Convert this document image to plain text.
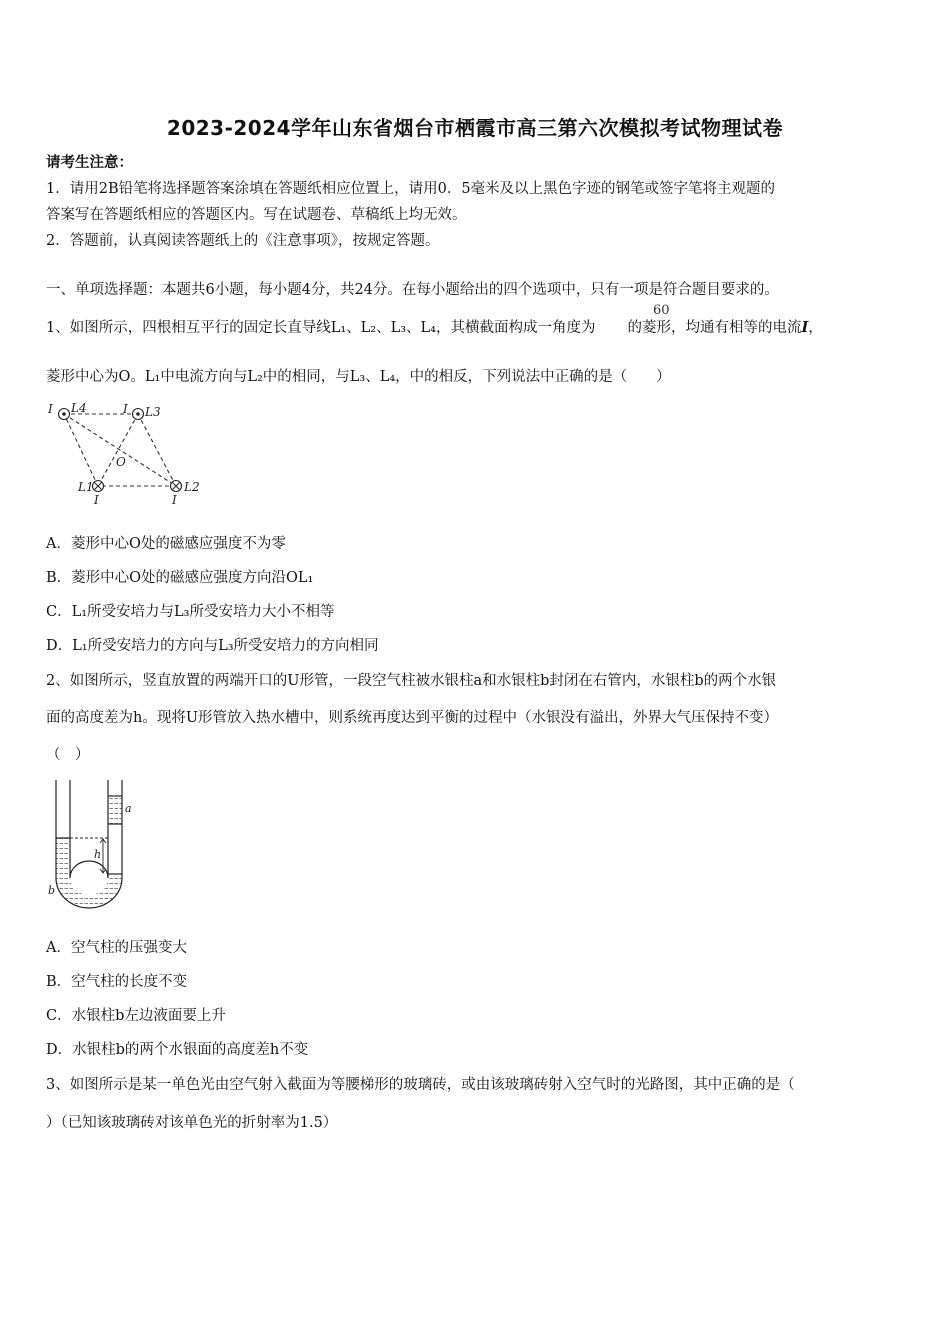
2023-2024学年山东省烟台市栖霞市高三第六次模拟考试物理试卷
请考生注意：
1．请用2B铅笔将选择题答案涂填在答题纸相应位置上，请用0．5毫米及以上黑色字迹的钢笔或签字笔将主观题的
答案写在答题纸相应的答题区内。写在试题卷、草稿纸上均无效。
2．答题前，认真阅读答题纸上的《注意事项》，按规定答题。
一、单项选择题：本题共6小题，每小题4分，共24分。在每小题给出的四个选项中，只有一项是符合题目要求的。
1、如图所示，四根相互平行的固定长直导线L₁、L₂、L₃、L₄，其横截面构成一角度为 的菱形，均通有相等的电流I，
60
菱形中心为O。L₁中电流方向与L₂中的相同，与L₃、L₄，中的相反，下列说法中正确的是（　　）
I L4	I L3
O
L1
I
L2
I
A．菱形中心O处的磁感应强度不为零
B．菱形中心O处的磁感应强度方向沿OL₁
C．L₁所受安培力与L₃所受安培力大小不相等
D．L₁所受安培力的方向与L₃所受安培力的方向相同
2、如图所示，竖直放置的两端开口的U形管，一段空气柱被水银柱a和水银柱b封闭在右管内，水银柱b的两个水银
面的高度差为h。现将U形管放入热水槽中，则系统再度达到平衡的过程中（水银没有溢出，外界大气压保持不变）
（　）
a
h
b
A．空气柱的压强变大
B．空气柱的长度不变
C．水银柱b左边液面要上升
D．水银柱b的两个水银面的高度差h不变
3、如图所示是某一单色光由空气射入截面为等腰梯形的玻璃砖，或由该玻璃砖射入空气时的光路图，其中正确的是（
）（已知该玻璃砖对该单色光的折射率为1.5）
